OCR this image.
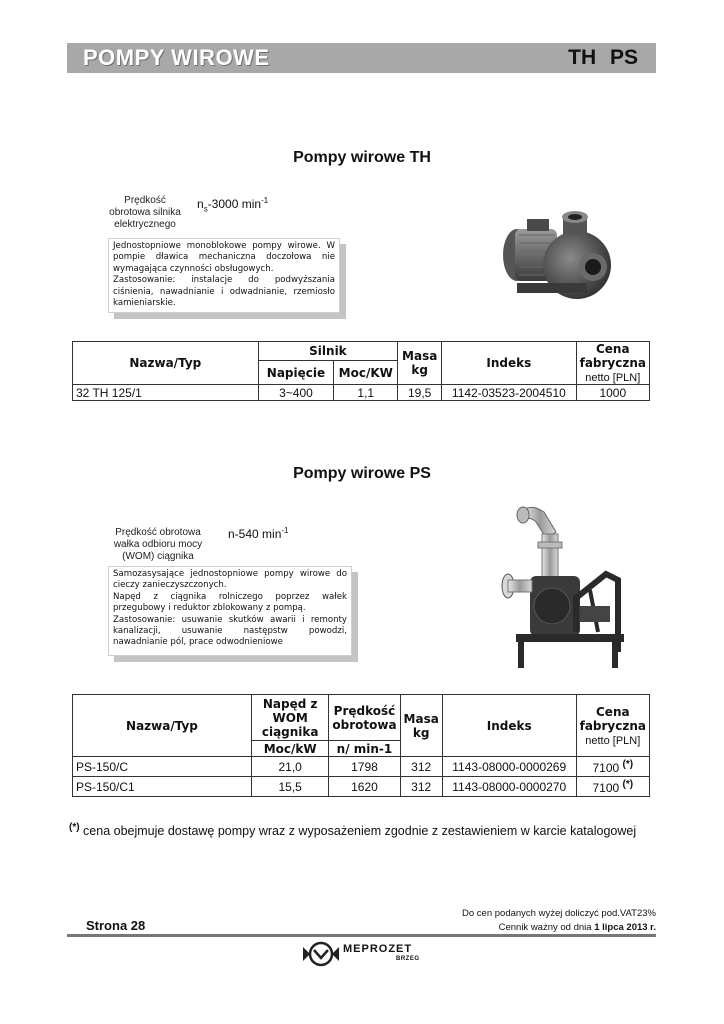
POMPY WIROWE	TH PS
Pompy wirowe TH
Prędkość
obrotowa silnika
elektrycznego
$n_s-3000$ $\min^{-1}$

Jednostopniowe monoblokowe pompy wirowe. W pompie dławica mechaniczna doczołowa nie wymagająca czynności obsługowych.

Zastosowanie: instalacje do podwyższania ciśnienia, nawadnianie i odwadnianie, rzemiosło kamieniarskie.

Nazwa/Typ	Silnik		Masa kg	Indeks	Cena fabryczna
netto [PLN]
	Napięcie	Moc/KW			
32 TH 125/1	3~400	1,1	19,5	1142-03523-2004510	1000
Pompy wirowe PS
Prędkość obrotowa
wałka odbioru mocy
(WOM) ciągnika
n-540 $\min^{-1}$

Samozasysające jednostopniowe pompy wirowe do cieczy zanieczyszczonych.

Napęd z ciągnika rolniczego poprzez wałek przegubowy i reduktor zblokowany z pompą.

Zastosowanie: usuwanie skutków awarii i remonty kanalizacji, usuwanie następstw powodzi, nawadnianie pól, prace odwodnieniowe

Nazwa/Typ	Napęd z WOM ciągnika	Prędkość obrotowa	Masa kg	Indeks	Cena fabryczna
netto [PLN]
	Moc/kW	n/ min-1			
PS-150/C	21,0	1798	312	1143-08000-0000269	7100 (*)
PS-150/C1	15,5	1620	312	1143-08000-0000270	7100 (*)
(*) cena obejmuje dostawę pompy wraz z wyposażeniem zgodnie z zestawieniem w karcie katalogowej
Do cen podanych wyżej doliczyć pod.VAT23%
Cennik ważny od dnia 1 lipca 2013 r.
Strona 28
MEPROZET
BRZEG
